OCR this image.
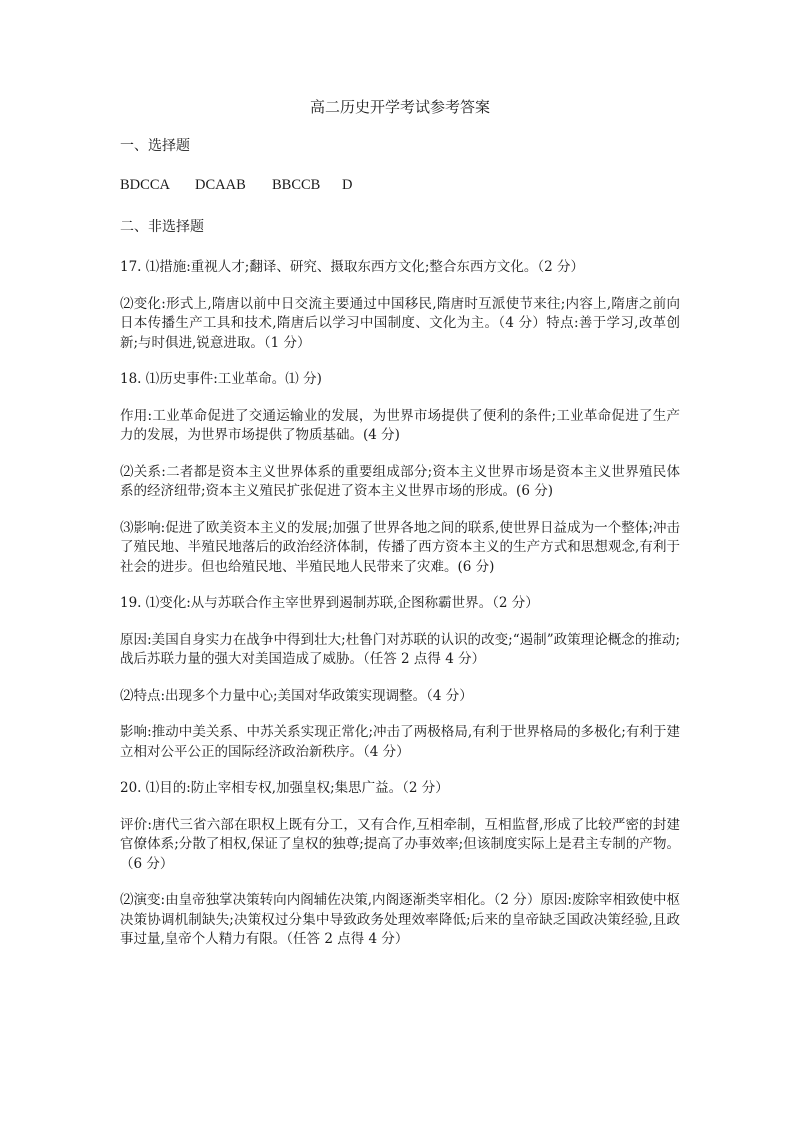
高二历史开学考试参考答案
一、选择题
BDCCA DCAAB BBCCB D
二、非选择题

17. ⑴措施:重视人才;翻译、研究、摄取东西方文化;整合东西方文化。（2 分）

⑵变化:形式上,隋唐以前中日交流主要通过中国移民,隋唐时互派使节来往;内容上,隋唐之前向日本传播生产工具和技术,隋唐后以学习中国制度、文化为主。（4 分）特点:善于学习,改革创新;与时俱进,锐意进取。（1 分）

18. ⑴历史事件:工业革命。⑴ 分)

作用:工业革命促进了交通运输业的发展，为世界市场提供了便利的条件;工业革命促进了生产力的发展，为世界市场提供了物质基础。(4 分)

⑵关系:二者都是资本主义世界体系的重要组成部分;资本主义世界市场是资本主义世界殖民体系的经济纽带;资本主义殖民扩张促进了资本主义世界市场的形成。(6 分)

⑶影响:促进了欧美资本主义的发展;加强了世界各地之间的联系,使世界日益成为一个整体;冲击了殖民地、半殖民地落后的政治经济体制，传播了西方资本主义的生产方式和思想观念,有利于社会的进步。但也给殖民地、半殖民地人民带来了灾难。(6 分)

19. ⑴变化:从与苏联合作主宰世界到遏制苏联,企图称霸世界。（2 分）

原因:美国自身实力在战争中得到壮大;杜鲁门对苏联的认识的改变;“遏制”政策理论概念的推动;战后苏联力量的强大对美国造成了威胁。（任答 2 点得 4 分）

⑵特点:出现多个力量中心;美国对华政策实现调整。（4 分）

影响:推动中美关系、中苏关系实现正常化;冲击了两极格局,有利于世界格局的多极化;有利于建立相对公平公正的国际经济政治新秩序。（4 分）

20. ⑴目的:防止宰相专权,加强皇权;集思广益。（2 分）

评价:唐代三省六部在职权上既有分工，又有合作,互相牵制，互相监督,形成了比较严密的封建官僚体系;分散了相权,保证了皇权的独尊;提高了办事效率;但该制度实际上是君主专制的产物。（6 分）

⑵演变:由皇帝独掌决策转向内阁辅佐决策,内阁逐渐类宰相化。（2 分）原因:废除宰相致使中枢决策协调机制缺失;决策权过分集中导致政务处理效率降低;后来的皇帝缺乏国政决策经验,且政事过量,皇帝个人精力有限。（任答 2 点得 4 分）
